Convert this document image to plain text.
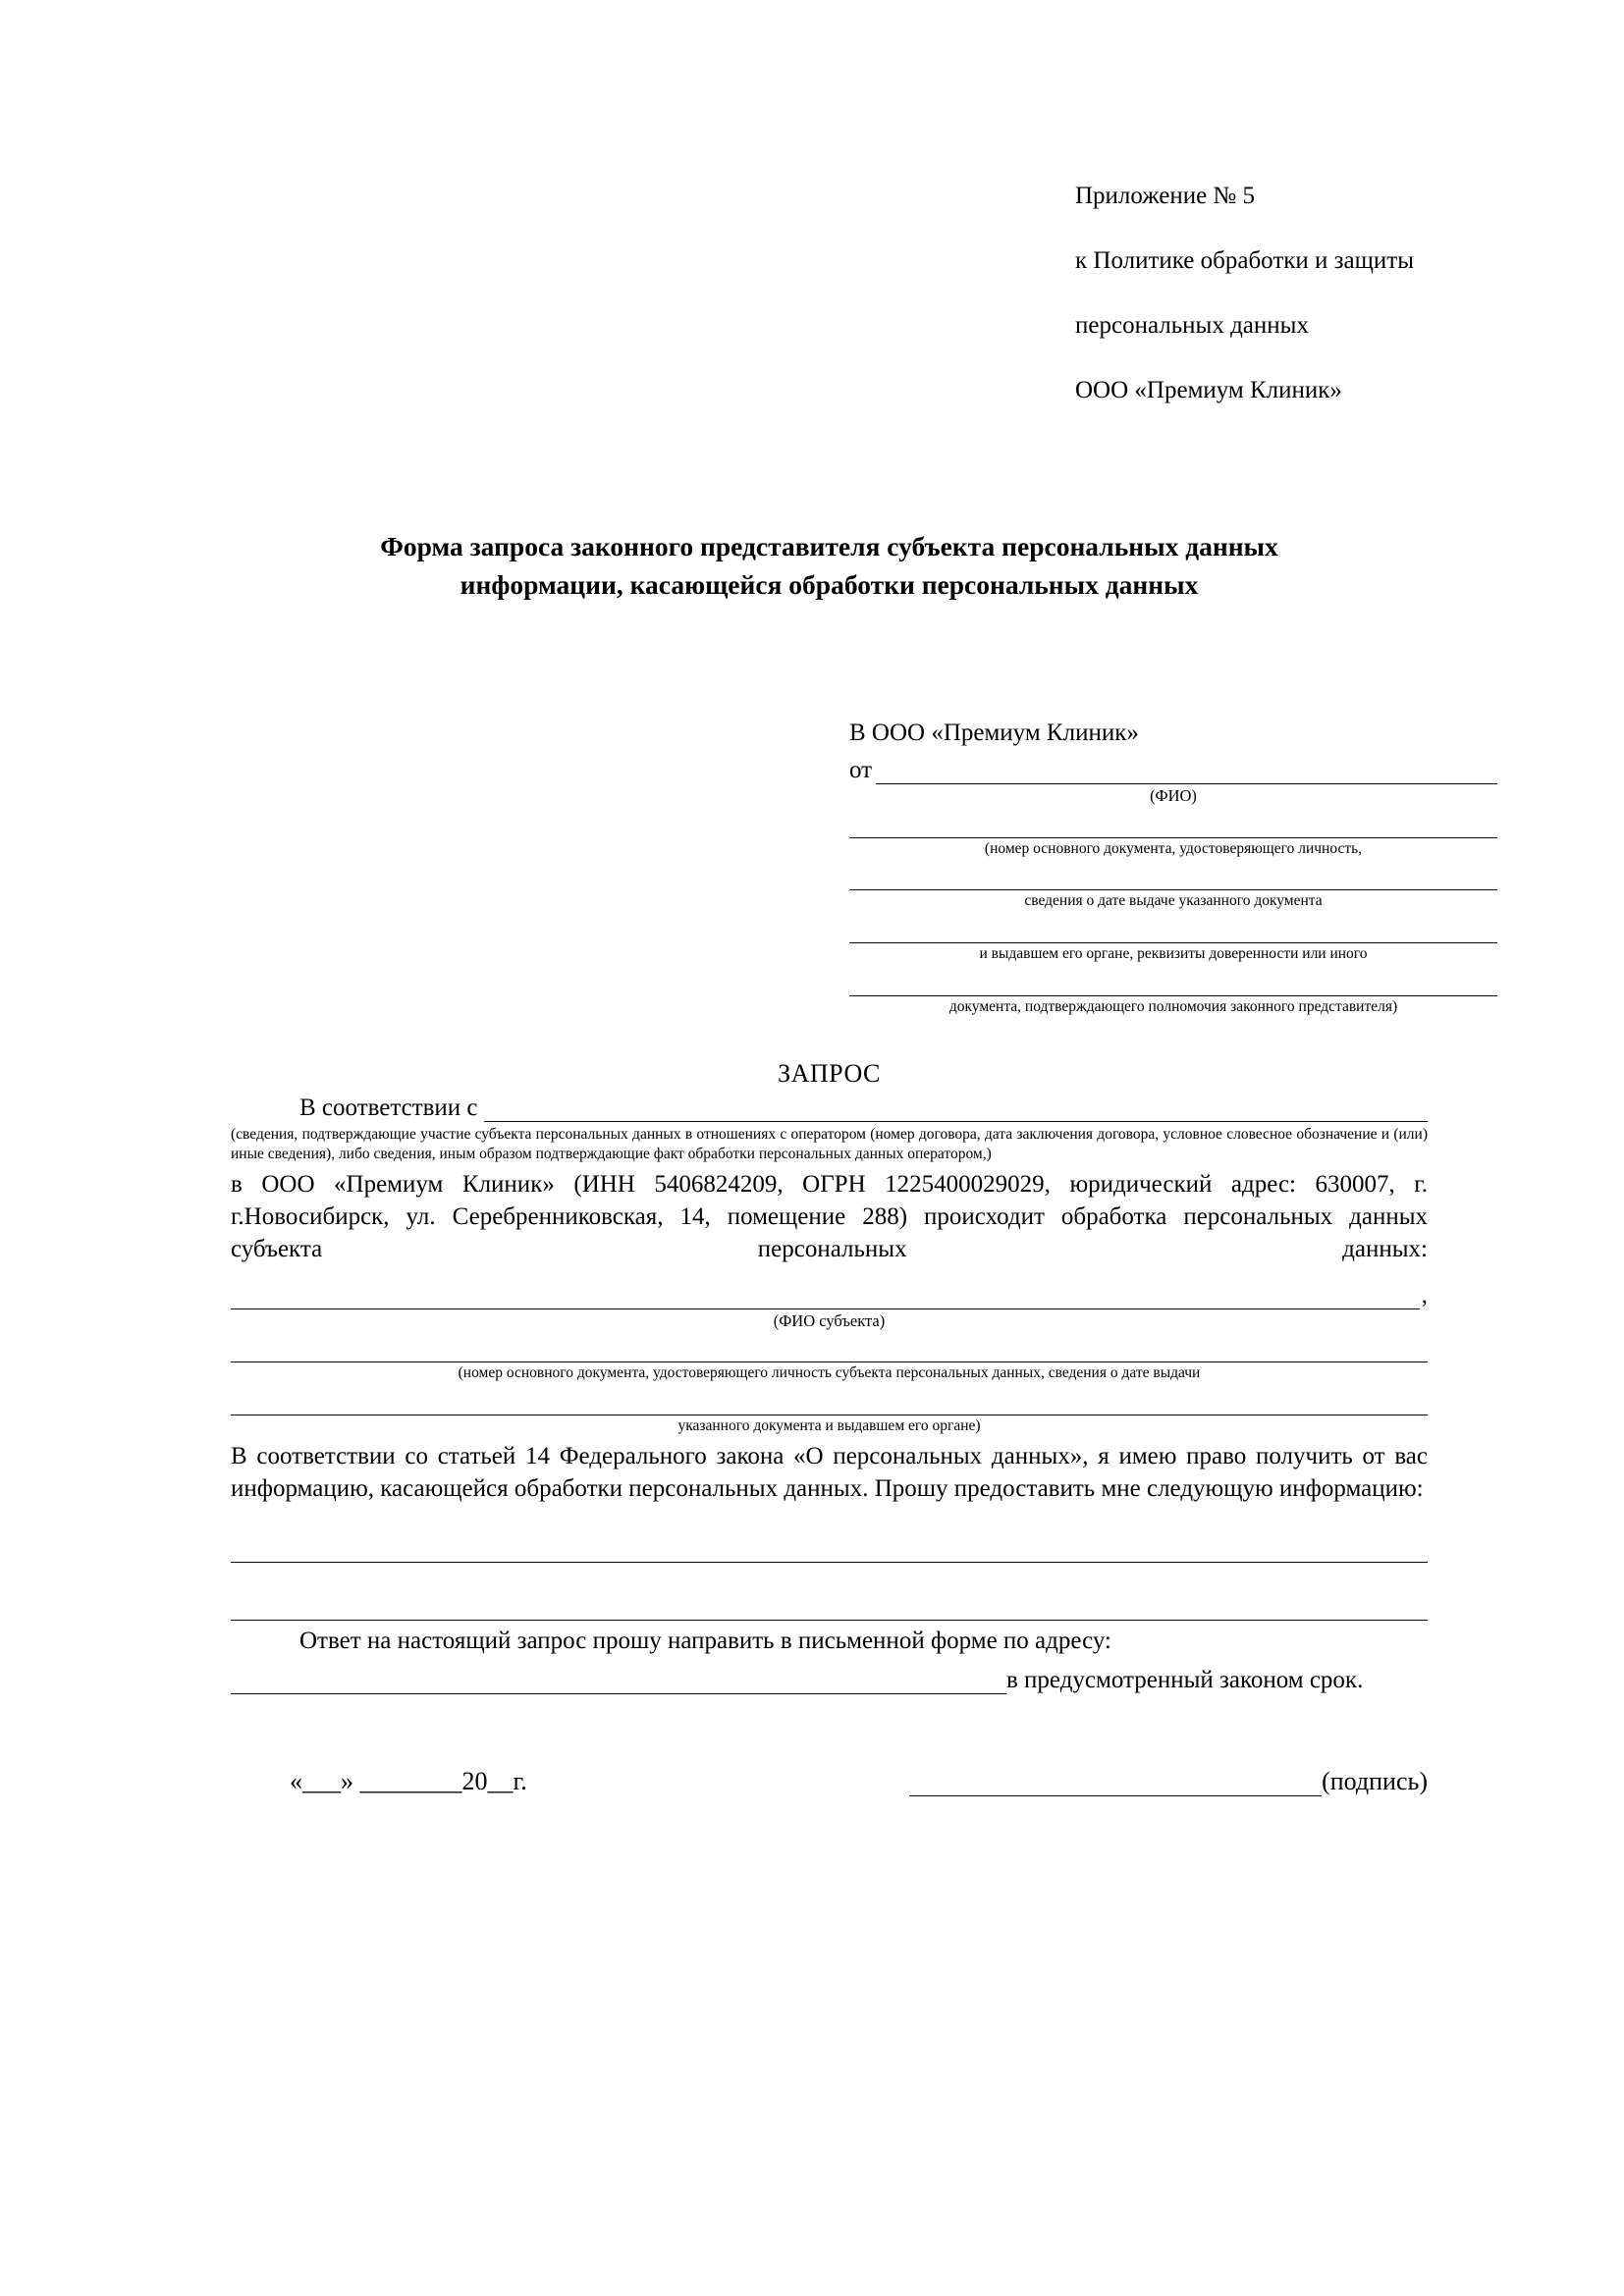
Приложение № 5

к Политике обработки и защиты

персональных данных

ООО «Премиум Клиник»

Форма запроса законного представителя субъекта персональных данных
информации, касающейся обработки персональных данных
В ООО «Премиум Клиник»
от
(ФИО)
(номер основного документа, удостоверяющего личность,
сведения о дате выдаче указанного документа
и выдавшем его органе, реквизиты доверенности или иного
документа, подтверждающего полномочия законного представителя)
ЗАПРОС
В соответствии с
(сведения, подтверждающие участие субъекта персональных данных в отношениях с оператором (номер договора, дата заключения договора, условное словесное обозначение и (или) иные сведения), либо сведения, иным образом подтверждающие факт обработки персональных данных оператором,)
в ООО «Премиум Клиник» (ИНН 5406824209, ОГРН 1225400029029, юридический адрес: 630007, г. г.Новосибирск, ул. Серебренниковская, 14, помещение 288) происходит обработка персональных данных субъекта персональных данных:
,
(ФИО субъекта)
(номер основного документа, удостоверяющего личность субъекта персональных данных, сведения о дате выдачи
указанного документа и выдавшем его органе)
В соответствии со статьей 14 Федерального закона «О персональных данных», я имею право получить от вас информацию, касающейся обработки персональных данных. Прошу предоставить мне следующую информацию:
Ответ на настоящий запрос прошу направить в письменной форме по адресу:
в предусмотренный законом срок.
«___» ________20__г.	(подпись)
